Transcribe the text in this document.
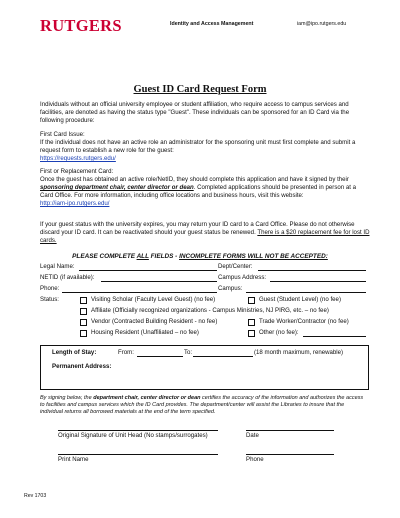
RUTGERS	Identity and Access Management	iam@ipo.rutgers.edu
Guest ID Card Request Form
Individuals without an official university employee or student affiliation, who require access to campus services and facilities, are denoted as having the status type "Guest". These individuals can be sponsored for an ID Card via the following procedure:
First Card Issue:
If the individual does not have an active role an administrator for the sponsoring unit must first complete and submit a request form to establish a new role for the guest:
https://requests.rutgers.edu/
First or Replacement Card:
Once the guest has obtained an active role/NetID, they should complete this application and have it signed by their sponsoring department chair, center director or dean. Completed applications should be presented in person at a Card Office. For more information, including office locations and business hours, visit this website:
http://iam-ipo.rutgers.edu/
If your guest status with the university expires, you may return your ID card to a Card Office. Please do not otherwise discard your ID card. It can be reactivated should your guest status be renewed. There is a $20 replacement fee for lost ID cards.
PLEASE COMPLETE ALL FIELDS - INCOMPLETE FORMS WILL NOT BE ACCEPTED:
Legal Name:	Dept/Center:
NETID (if available):	Campus Address:
Phone:	Campus:
Status:	Visiting Scholar (Faculty Level Guest) (no fee)	Guest (Student Level) (no fee)
Affiliate (Officially recognized organizations - Campus Ministries, NJ PIRG, etc. – no fee)
Vendor (Contracted Building Resident - no fee)	Trade Worker/Contractor (no fee)
Housing Resident (Unaffiliated – no fee)	Other (no fee):
Length of Stay:	From:	To:	(18 month maximum, renewable)
Permanent Address:
By signing below, the department chair, center director or dean certifies the accuracy of the information and authorizes the access to facilities and campus services which the ID Card provides. The department/center will assist the Libraries to insure that the individual returns all borrowed materials at the end of the term specified.
Original Signature of Unit Head (No stamps/surrogates)	Date
Print Name	Phone
Rev 1703
